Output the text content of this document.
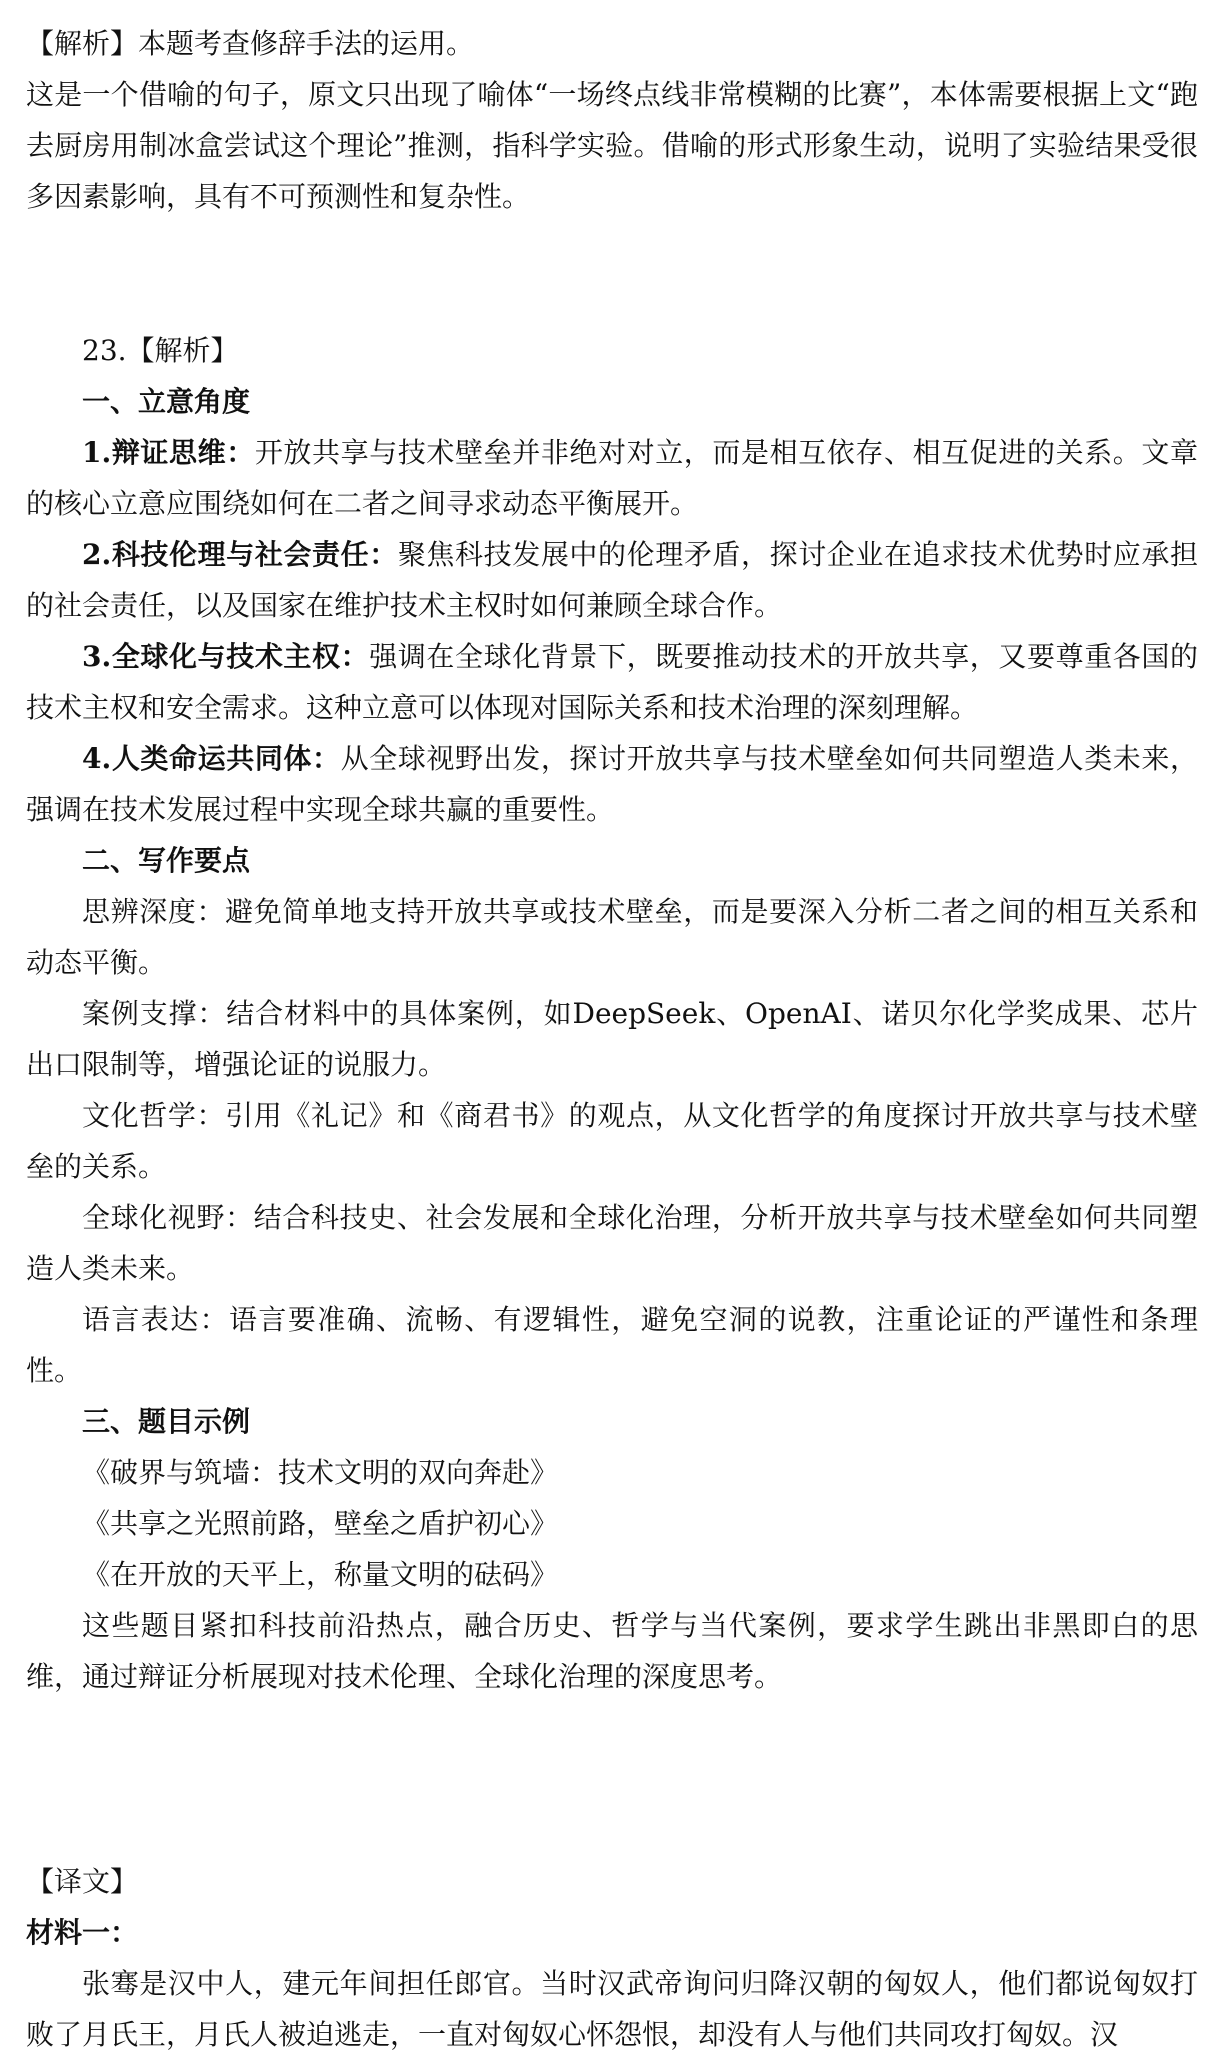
【解析】本题考查修辞手法的运用。

这是一个借喻的句子，原文只出现了喻体“一场终点线非常模糊的比赛”，本体需要根据上文“跑去厨房用制冰盒尝试这个理论”推测，指科学实验。借喻的形式形象生动，说明了实验结果受很多因素影响，具有不可预测性和复杂性。

23.【解析】

一、立意角度

1.辩证思维：开放共享与技术壁垒并非绝对对立，而是相互依存、相互促进的关系。文章的核心立意应围绕如何在二者之间寻求动态平衡展开。

2.科技伦理与社会责任：聚焦科技发展中的伦理矛盾，探讨企业在追求技术优势时应承担的社会责任，以及国家在维护技术主权时如何兼顾全球合作。

3.全球化与技术主权：强调在全球化背景下，既要推动技术的开放共享，又要尊重各国的技术主权和安全需求。这种立意可以体现对国际关系和技术治理的深刻理解。

4.人类命运共同体：从全球视野出发，探讨开放共享与技术壁垒如何共同塑造人类未来，强调在技术发展过程中实现全球共赢的重要性。

二、写作要点

思辨深度：避免简单地支持开放共享或技术壁垒，而是要深入分析二者之间的相互关系和动态平衡。

案例支撑：结合材料中的具体案例，如DeepSeek、OpenAI、诺贝尔化学奖成果、芯片出口限制等，增强论证的说服力。

文化哲学：引用《礼记》和《商君书》的观点，从文化哲学的角度探讨开放共享与技术壁垒的关系。

全球化视野：结合科技史、社会发展和全球化治理，分析开放共享与技术壁垒如何共同塑造人类未来。

语言表达：语言要准确、流畅、有逻辑性，避免空洞的说教，注重论证的严谨性和条理性。

三、题目示例

《破界与筑墙：技术文明的双向奔赴》

《共享之光照前路，壁垒之盾护初心》

《在开放的天平上，称量文明的砝码》

这些题目紧扣科技前沿热点，融合历史、哲学与当代案例，要求学生跳出非黑即白的思维，通过辩证分析展现对技术伦理、全球化治理的深度思考。

【译文】

材料一：

张骞是汉中人，建元年间担任郎官。当时汉武帝询问归降汉朝的匈奴人，他们都说匈奴打败了月氏王，月氏人被迫逃走，一直对匈奴心怀怨恨，却没有人与他们共同攻打匈奴。汉
